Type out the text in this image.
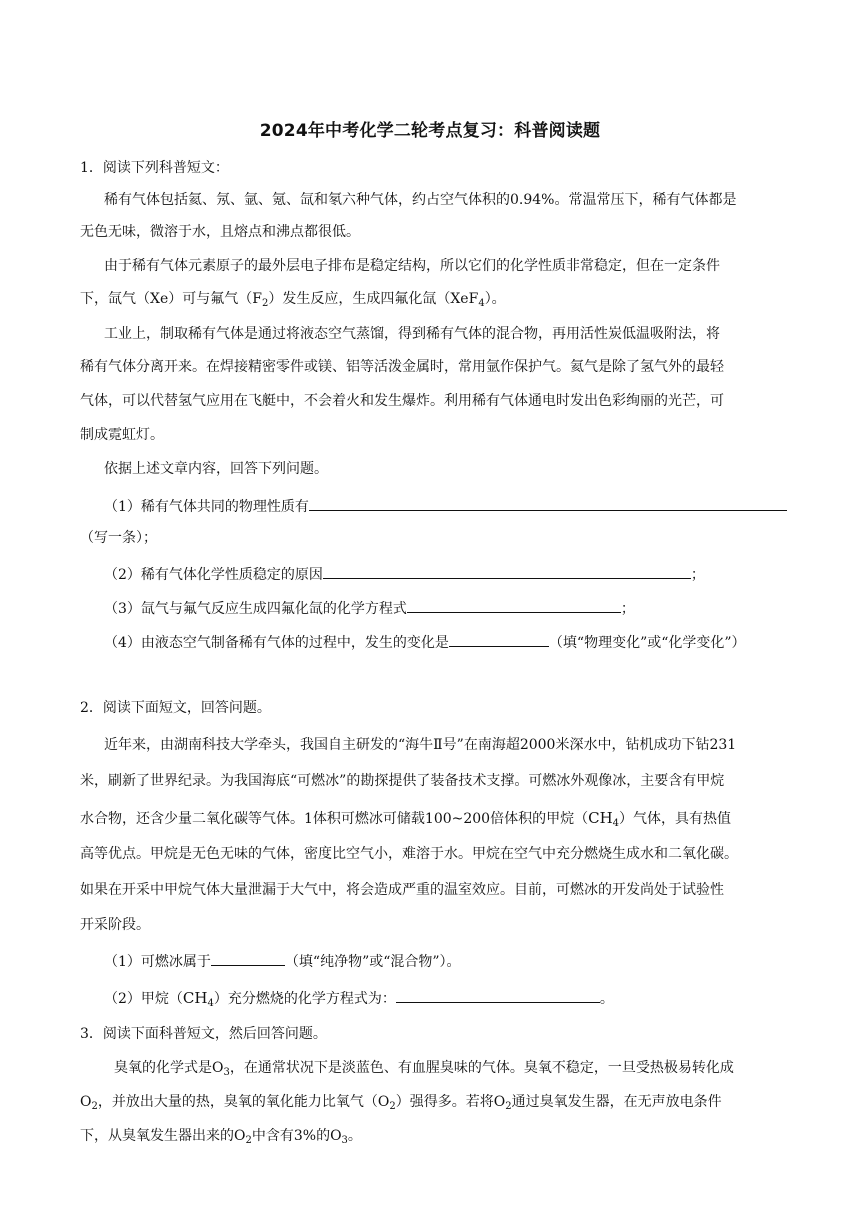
2024年中考化学二轮考点复习：科普阅读题
1．阅读下列科普短文：
稀有气体包括氦、氖、氩、氪、氙和氡六种气体，约占空气体积的0.94%。常温常压下，稀有气体都是
无色无味，微溶于水，且熔点和沸点都很低。
由于稀有气体元素原子的最外层电子排布是稳定结构，所以它们的化学性质非常稳定，但在一定条件
下，氙气（Xe）可与氟气$(F_2)$发生反应，生成四氟化氙（XeF$_4$）。
工业上，制取稀有气体是通过将液态空气蒸馏，得到稀有气体的混合物，再用活性炭低温吸附法，将
稀有气体分离开来。在焊接精密零件或镁、铝等活泼金属时，常用氩作保护气。氦气是除了氢气外的最轻
气体，可以代替氢气应用在飞艇中，不会着火和发生爆炸。利用稀有气体通电时发出色彩绚丽的光芒，可
制成霓虹灯。
依据上述文章内容，回答下列问题。
（1）稀有气体共同的物理性质有
（写一条）；
（2）稀有气体化学性质稳定的原因	；
（3）氙气与氟气反应生成四氟化氙的化学方程式	；
（4）由液态空气制备稀有气体的过程中，发生的变化是	（填“物理变化”或“化学变化”）
2．阅读下面短文，回答问题。
近年来，由湖南科技大学牵头，我国自主研发的“海牛Ⅱ号”在南海超2000米深水中，钻机成功下钻231
米，刷新了世界纪录。为我国海底“可燃冰”的勘探提供了装备技术支撑。可燃冰外观像冰，主要含有甲烷
水合物，还含少量二氧化碳等气体。1体积可燃冰可储载100~200倍体积的甲烷$(CH_4)$气体，具有热值
高等优点。甲烷是无色无味的气体，密度比空气小，难溶于水。甲烷在空气中充分燃烧生成水和二氧化碳。
如果在开采中甲烷气体大量泄漏于大气中，将会造成严重的温室效应。目前，可燃冰的开发尚处于试验性
开采阶段。
（1）可燃冰属于	（填“纯净物”或“混合物”）。
（2）甲烷$(CH_4)$充分燃烧的化学方程式为：	。
3．阅读下面科普短文，然后回答问题。
臭氧的化学式是$O_3$，在通常状况下是淡蓝色、有血腥臭味的气体。臭氧不稳定，一旦受热极易转化成
$O_2$，并放出大量的热，臭氧的氧化能力比氧气$(O_2)$强得多。若将$O_2$通过臭氧发生器，在无声放电条件
下，从臭氧发生器出来的$O_2$中含有3%的$O_3$。
